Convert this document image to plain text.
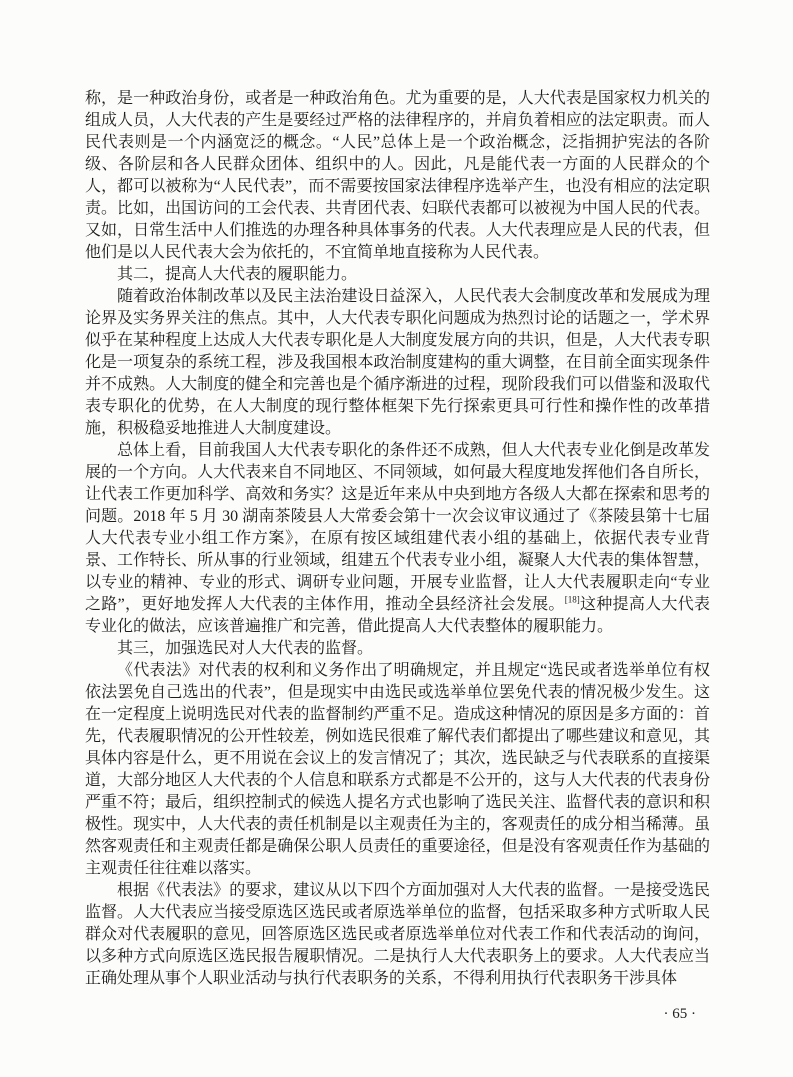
称，是一种政治身份，或者是一种政治角色。尤为重要的是，人大代表是国家权力机关的组成人员，人大代表的产生是要经过严格的法律程序的，并肩负着相应的法定职责。而人民代表则是一个内涵宽泛的概念。“人民”总体上是一个政治概念，泛指拥护宪法的各阶级、各阶层和各人民群众团体、组织中的人。因此，凡是能代表一方面的人民群众的个人，都可以被称为“人民代表”，而不需要按国家法律程序选举产生，也没有相应的法定职责。比如，出国访问的工会代表、共青团代表、妇联代表都可以被视为中国人民的代表。又如，日常生活中人们推选的办理各种具体事务的代表。人大代表理应是人民的代表，但他们是以人民代表大会为依托的，不宜简单地直接称为人民代表。

其二，提高人大代表的履职能力。

随着政治体制改革以及民主法治建设日益深入，人民代表大会制度改革和发展成为理论界及实务界关注的焦点。其中，人大代表专职化问题成为热烈讨论的话题之一，学术界似乎在某种程度上达成人大代表专职化是人大制度发展方向的共识，但是，人大代表专职化是一项复杂的系统工程，涉及我国根本政治制度建构的重大调整，在目前全面实现条件并不成熟。人大制度的健全和完善也是个循序渐进的过程，现阶段我们可以借鉴和汲取代表专职化的优势，在人大制度的现行整体框架下先行探索更具可行性和操作性的改革措施，积极稳妥地推进人大制度建设。

总体上看，目前我国人大代表专职化的条件还不成熟，但人大代表专业化倒是改革发展的一个方向。人大代表来自不同地区、不同领域，如何最大程度地发挥他们各自所长，让代表工作更加科学、高效和务实？这是近年来从中央到地方各级人大都在探索和思考的问题。2018 年 5 月 30 湖南茶陵县人大常委会第十一次会议审议通过了《茶陵县第十七届人大代表专业小组工作方案》，在原有按区域组建代表小组的基础上，依据代表专业背景、工作特长、所从事的行业领域，组建五个代表专业小组，凝聚人大代表的集体智慧，以专业的精神、专业的形式、调研专业问题，开展专业监督，让人大代表履职走向“专业之路”，更好地发挥人大代表的主体作用，推动全县经济社会发展。[18]这种提高人大代表专业化的做法，应该普遍推广和完善，借此提高人大代表整体的履职能力。

其三，加强选民对人大代表的监督。

《代表法》对代表的权利和义务作出了明确规定，并且规定“选民或者选举单位有权依法罢免自己选出的代表”，但是现实中由选民或选举单位罢免代表的情况极少发生。这在一定程度上说明选民对代表的监督制约严重不足。造成这种情况的原因是多方面的：首先，代表履职情况的公开性较差，例如选民很难了解代表们都提出了哪些建议和意见，其具体内容是什么，更不用说在会议上的发言情况了；其次，选民缺乏与代表联系的直接渠道，大部分地区人大代表的个人信息和联系方式都是不公开的，这与人大代表的代表身份严重不符；最后，组织控制式的候选人提名方式也影响了选民关注、监督代表的意识和积极性。现实中，人大代表的责任机制是以主观责任为主的，客观责任的成分相当稀薄。虽然客观责任和主观责任都是确保公职人员责任的重要途径，但是没有客观责任作为基础的主观责任往往难以落实。

根据《代表法》的要求，建议从以下四个方面加强对人大代表的监督。一是接受选民监督。人大代表应当接受原选区选民或者原选举单位的监督，包括采取多种方式听取人民群众对代表履职的意见，回答原选区选民或者原选举单位对代表工作和代表活动的询问，以多种方式向原选区选民报告履职情况。二是执行人大代表职务上的要求。人大代表应当正确处理从事个人职业活动与执行代表职务的关系，不得利用执行代表职务干涉具体

· 65 ·
